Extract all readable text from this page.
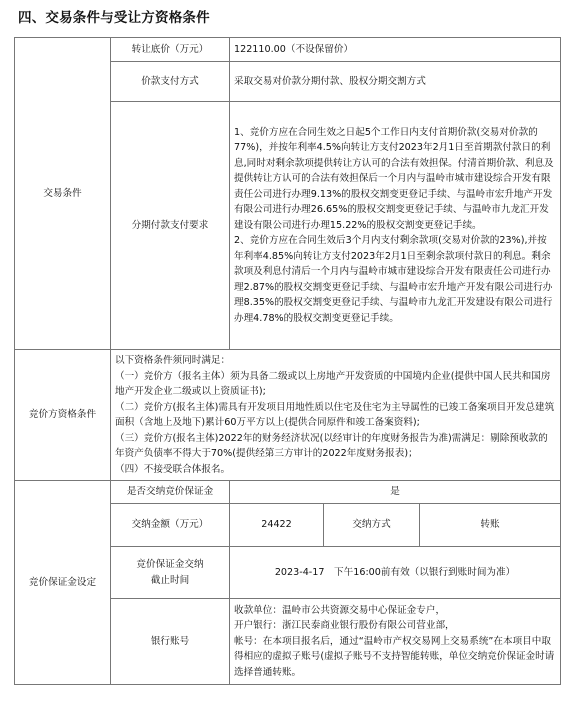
四、交易条件与受让方资格条件
交易条件	转让底价（万元）	122110.00（不设保留价）		
	价款支付方式	采取交易对价款分期付款、股权分期交割方式		
	分期付款支付要求	1、竞价方应在合同生效之日起5个工作日内支付首期价款(交易对价款的77%)，并按年利率4.5%向转让方支付2023年2月1日至首期款付款日的利息,同时对剩余款项提供转让方认可的合法有效担保。付清首期价款、利息及提供转让方认可的合法有效担保后一个月内与温岭市城市建设综合开发有限责任公司进行办理9.13%的股权交割变更登记手续、与温岭市宏升地产开发有限公司进行办理26.65%的股权交割变更登记手续、与温岭市九龙汇开发建设有限公司进行办理15.22%的股权交割变更登记手续。
2、竞价方应在合同生效后3个月内支付剩余款项(交易对价款的23%),并按年利率4.85%向转让方支付2023年2月1日至剩余款项付款日的利息。剩余款项及利息付清后一个月内与温岭市城市建设综合开发有限责任公司进行办理2.87%的股权交割变更登记手续、与温岭市宏升地产开发有限公司进行办理8.35%的股权交割变更登记手续、与温岭市九龙汇开发建设有限公司进行办理4.78%的股权交割变更登记手续。		

竞价方资格条件	以下资格条件须同时满足：
（一）竞价方（报名主体）须为具备二级或以上房地产开发资质的中国境内企业(提供中国人民共和国房地产开发企业二级或以上资质证书);
（二）竞价方(报名主体)需具有开发项目用地性质以住宅及住宅为主导属性的已竣工备案项目开发总建筑面积（含地上及地下)累计60万平方以上(提供合同原件和竣工备案资料);
（三）竞价方(报名主体)2022年的财务经济状况(以经审计的年度财务报告为准)需满足：剔除预收款的年资产负债率不得大于70%(提供经第三方审计的2022年度财务报表)；
（四）不接受联合体报名。			

竞价保证金设定	是否交纳竞价保证金	是		
	交纳金额（万元）	24422	交纳方式	转账

	竞价保证金交纳
截止时间	2023-4-17　下午16:00前有效（以银行到账时间为准）		
	银行账号	收款单位：温岭市公共资源交易中心保证金专户，
开户银行：浙江民泰商业银行股份有限公司营业部，
帐号：在本项目报名后，通过“温岭市产权交易网上交易系统”在本项目中取得相应的虚拟子账号(虚拟子账号不支持智能转账，单位交纳竞价保证金时请选择普通转账。		
